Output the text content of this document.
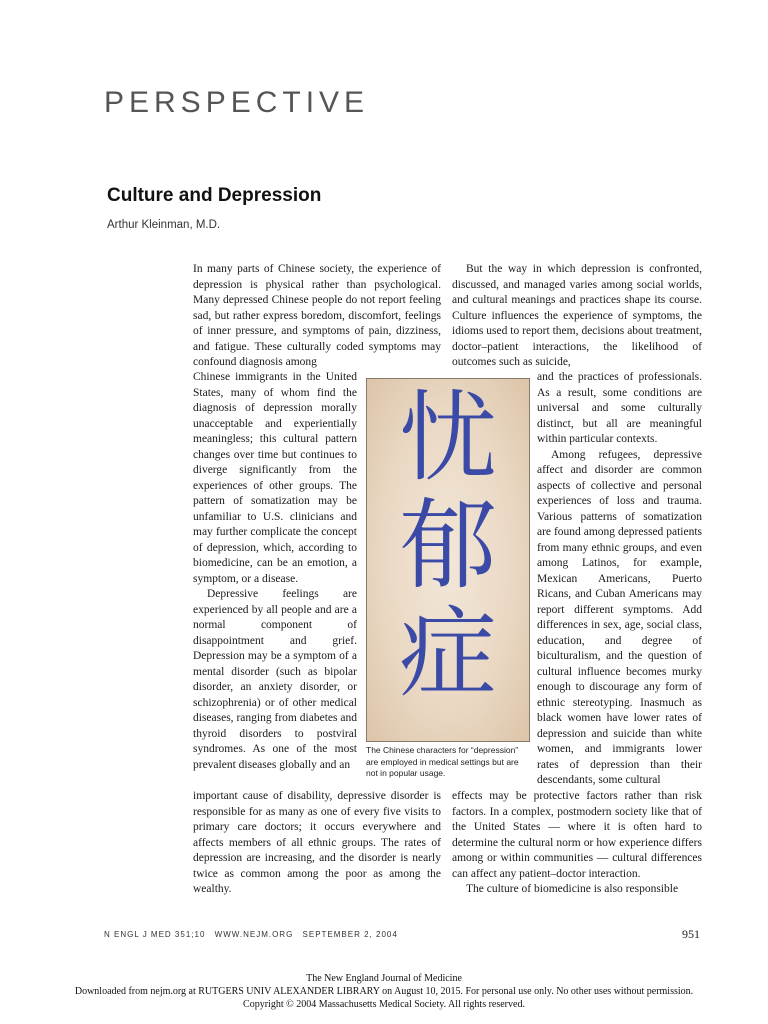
PERSPECTIVE
Culture and Depression
Arthur Kleinman, M.D.

In many parts of Chinese society, the experience of depression is physical rather than psychological. Many depressed Chinese people do not report feeling sad, but rather express boredom, discomfort, feelings of inner pressure, and symptoms of pain, dizziness, and fatigue. These culturally coded symptoms may confound diagnosis among

Chinese immigrants in the United States, many of whom find the diagnosis of depression morally unacceptable and experientially meaningless; this cultural pattern changes over time but continues to diverge significantly from the experiences of other groups. The pattern of somatization may be unfamiliar to U.S. clinicians and may further complicate the concept of depression, which, according to biomedicine, can be an emotion, a symptom, or a disease.

Depressive feelings are experienced by all people and are a normal component of disappointment and grief. Depression may be a symptom of a mental disorder (such as bipolar disorder, an anxiety disorder, or schizophrenia) or of other medical diseases, ranging from diabetes and thyroid disorders to postviral syndromes. As one of the most prevalent diseases globally and an

important cause of disability, depressive disorder is responsible for as many as one of every five visits to primary care doctors; it occurs everywhere and affects members of all ethnic groups. The rates of depression are increasing, and the disorder is nearly twice as common among the poor as among the wealthy.

But the way in which depression is confronted, discussed, and managed varies among social worlds, and cultural meanings and practices shape its course. Culture influences the experience of symptoms, the idioms used to report them, decisions about treatment, doctor–patient interactions, the likelihood of outcomes such as suicide,

and the practices of professionals. As a result, some conditions are universal and some culturally distinct, but all are meaningful within particular contexts.

Among refugees, depressive affect and disorder are common aspects of collective and personal experiences of loss and trauma. Various patterns of somatization are found among depressed patients from many ethnic groups, and even among Latinos, for example, Mexican Americans, Puerto Ricans, and Cuban Americans may report different symptoms. Add differences in sex, age, social class, education, and degree of biculturalism, and the question of cultural influence becomes murky enough to discourage any form of ethnic stereotyping. Inasmuch as black women have lower rates of depression and suicide than white women, and immigrants lower rates of depression than their descendants, some cultural

effects may be protective factors rather than risk factors. In a complex, postmodern society like that of the United States — where it is often hard to determine the cultural norm or how experience differs among or within communities — cultural differences can affect any patient–doctor interaction.

The culture of biomedicine is also responsible

忧
郁
症
The Chinese characters for “depression” are employed in medical settings but are not in popular usage.
N ENGL J MED 351;10 WWW.NEJM.ORG SEPTEMBER 2, 2004	951
The New England Journal of Medicine
Downloaded from nejm.org at RUTGERS UNIV ALEXANDER LIBRARY on August 10, 2015. For personal use only. No other uses without permission.
Copyright © 2004 Massachusetts Medical Society. All rights reserved.
